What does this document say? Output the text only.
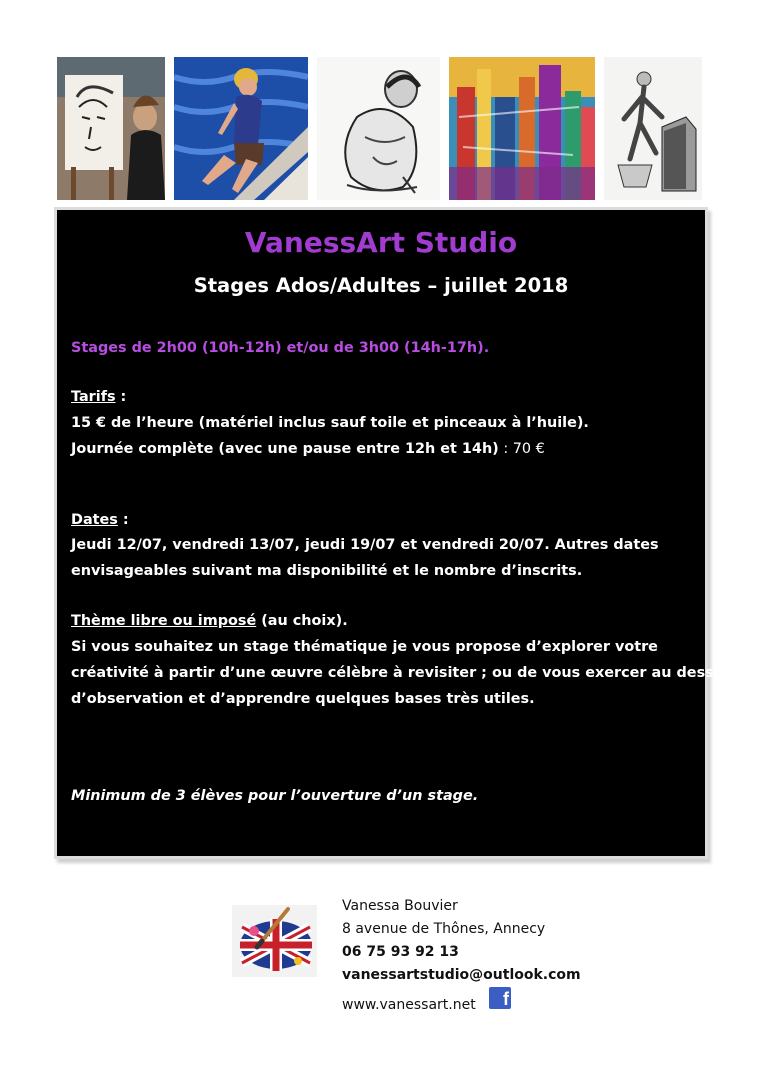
VanessArt Studio
Stages Ados/Adultes – juillet 2018
Stages de 2h00 (10h-12h) et/ou de 3h00 (14h-17h).
Tarifs :
15 € de l’heure (matériel inclus sauf toile et pinceaux à l’huile).
Journée complète (avec une pause entre 12h et 14h) : 70 €
Dates :
Jeudi 12/07, vendredi 13/07, jeudi 19/07 et vendredi 20/07. Autres dates
envisageables suivant ma disponibilité et le nombre d’inscrits.
Thème libre ou imposé (au choix).
Si vous souhaitez un stage thématique je vous propose d’explorer votre
créativité à partir d’une œuvre célèbre à revisiter ; ou de vous exercer au dessin
d’observation et d’apprendre quelques bases très utiles.
Minimum de 3 élèves pour l’ouverture d’un stage.
Vanessa Bouvier
8 avenue de Thônes, Annecy
06 75 93 92 13
vanessartstudio@outlook.com
www.vanessart.net	f
